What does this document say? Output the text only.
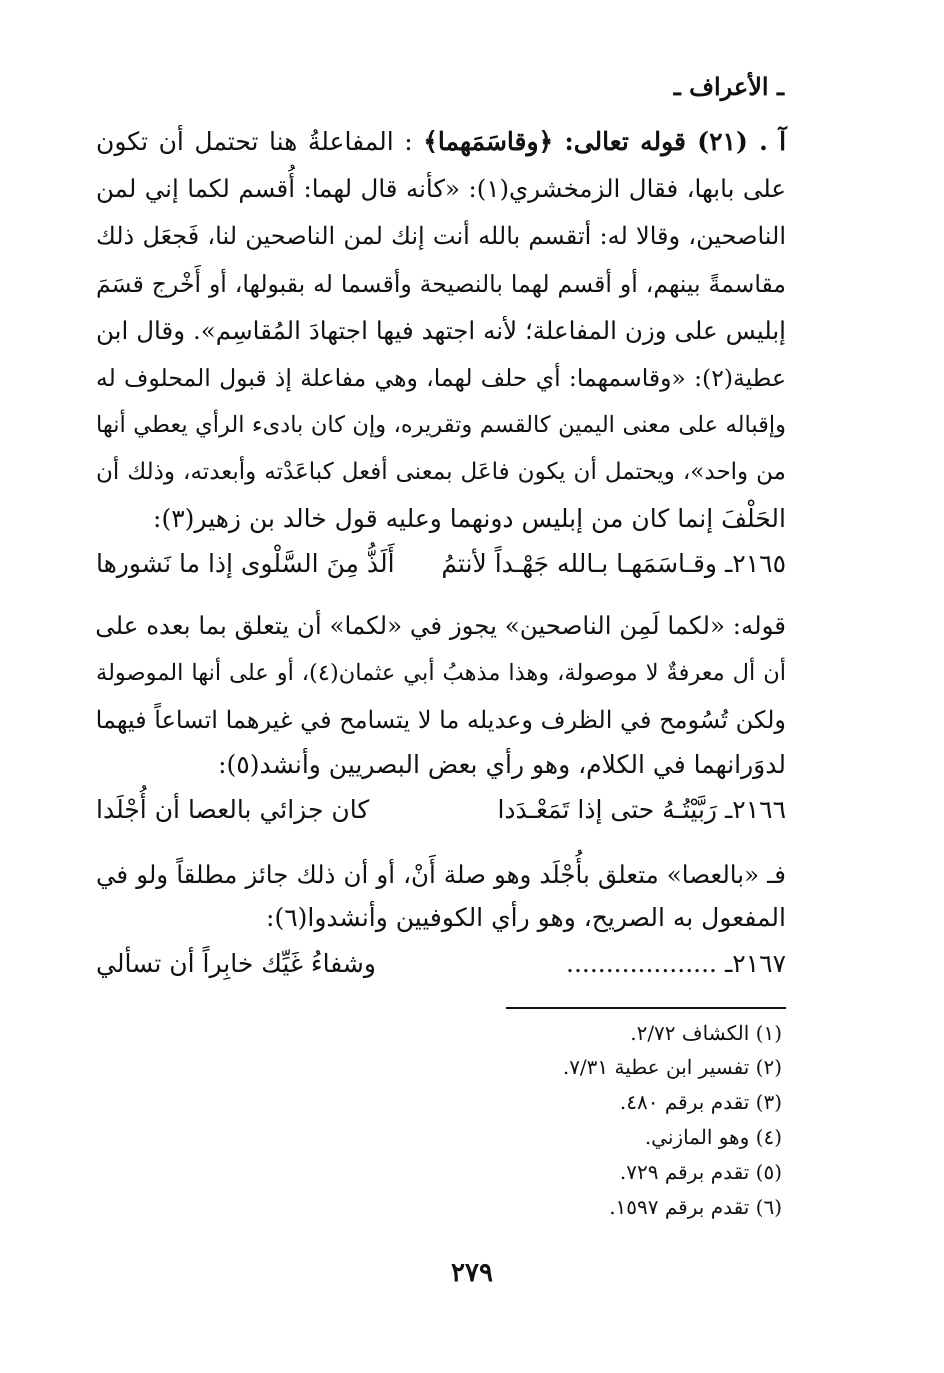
ـ الأعراف ـ
آ . (٢١) قوله تعالى: ﴿وقاسَمَهما﴾ : المفاعلةُ هنا تحتمل أن تكون
على بابها، فقال الزمخشري(١): «كأنه قال لهما: أُقسم لكما إني لمن
الناصحين، وقالا له: أتقسم بالله أنت إنك لمن الناصحين لنا، فَجعَل ذلك
مقاسمةً بينهم، أو أقسم لهما بالنصيحة وأقسما له بقبولها، أو أَخْرج قسَمَ
إبليس على وزن المفاعلة؛ لأنه اجتهد فيها اجتهادَ المُقاسِم». وقال ابن
عطية(٢): «وقاسمهما: أي حلف لهما، وهي مفاعلة إذ قبول المحلوف له
وإقباله على معنى اليمين كالقسم وتقريره، وإن كان بادىء الرأي يعطي أنها
من واحد»، ويحتمل أن يكون فاعَل بمعنى أفعل كباعَدْته وأبعدته، وذلك أن
الحَلْفَ إنما كان من إبليس دونهما وعليه قول خالد بن زهير(٣):
٢١٦٥ـ وقـاسَمَهـا بـالله جَهْـداً لأنتمُ
أَلَذُّ مِنَ السَّلْوى إذا ما نَشورها
قوله: «لكما لَمِن الناصحين» يجوز في «لكما» أن يتعلق بما بعده على
أن أل معرفةٌ لا موصولة، وهذا مذهبُ أبي عثمان(٤)، أو على أنها الموصولة
ولكن تُسُومح في الظرف وعديله ما لا يتسامح في غيرهما اتساعاً فيهما
لدوَرانهما في الكلام، وهو رأي بعض البصريين وأنشد(٥):
٢١٦٦ـ رَبَّيْتُـهُ حتى إذا تَمَعْـدَدا
كان جزائي بالعصا أن أُجْلَدا
فـ «بالعصا» متعلق بأُجْلَد وهو صلة أَنْ، أو أن ذلك جائز مطلقاً ولو في
المفعول به الصريح، وهو رأي الكوفيين وأنشدوا(٦):
٢١٦٧ـ ...................
وشفاءُ غَيِّك خابِراً أن تسألي
(١) الكشاف ٢/٧٢.
(٢) تفسير ابن عطية ٧/٣١.
(٣) تقدم برقم ٤٨٠.
(٤) وهو المازني.
(٥) تقدم برقم ٧٢٩.
(٦) تقدم برقم ١٥٩٧.
٢٧٩
